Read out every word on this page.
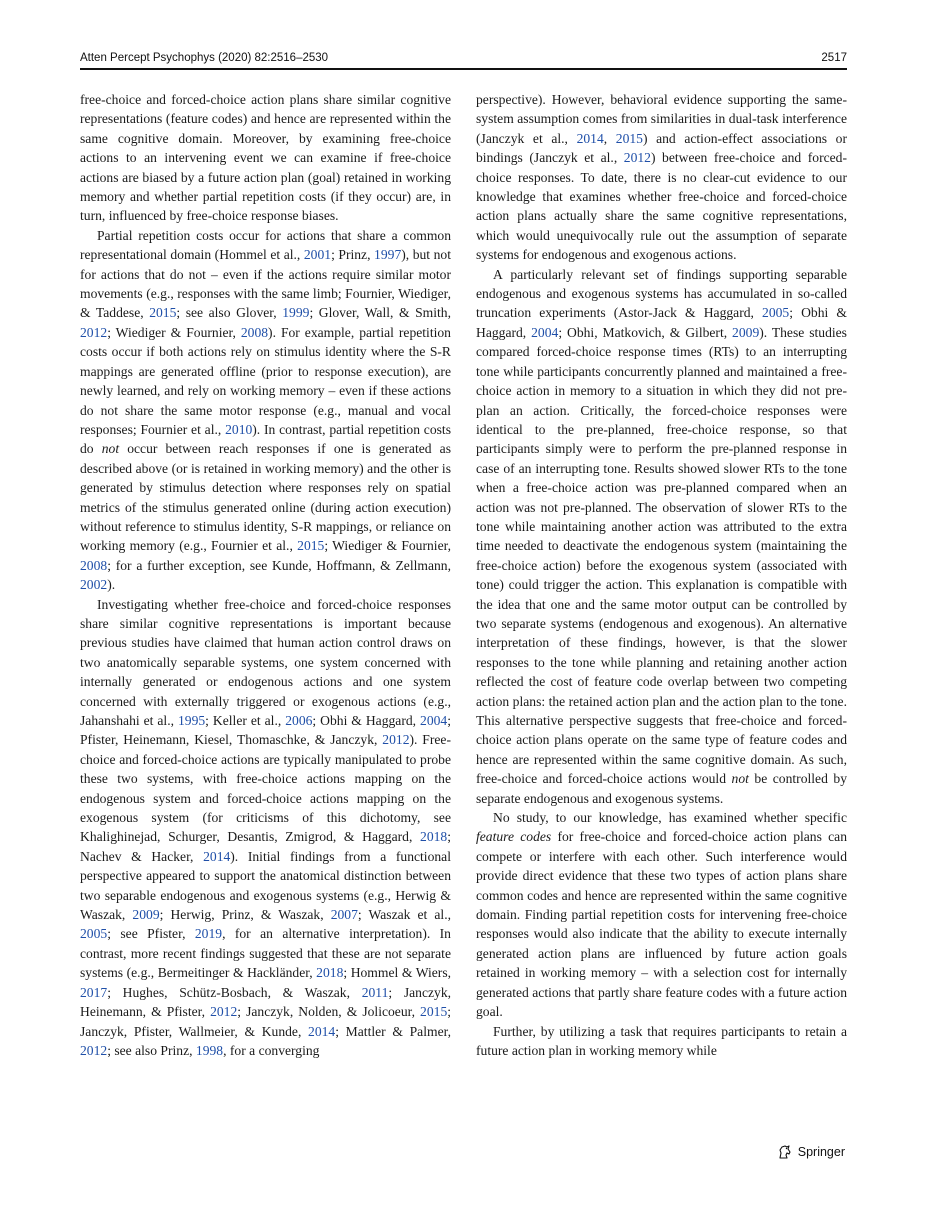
Atten Percept Psychophys (2020) 82:2516–2530	2517

free-choice and forced-choice action plans share similar cognitive representations (feature codes) and hence are represented within the same cognitive domain. Moreover, by examining free-choice actions to an intervening event we can examine if free-choice actions are biased by a future action plan (goal) retained in working memory and whether partial repetition costs (if they occur) are, in turn, influenced by free-choice response biases.

Partial repetition costs occur for actions that share a common representational domain (Hommel et al., 2001; Prinz, 1997), but not for actions that do not – even if the actions require similar motor movements (e.g., responses with the same limb; Fournier, Wiediger, & Taddese, 2015; see also Glover, 1999; Glover, Wall, & Smith, 2012; Wiediger & Fournier, 2008). For example, partial repetition costs occur if both actions rely on stimulus identity where the S-R mappings are generated offline (prior to response execution), are newly learned, and rely on working memory – even if these actions do not share the same motor response (e.g., manual and vocal responses; Fournier et al., 2010). In contrast, partial repetition costs do not occur between reach responses if one is generated as described above (or is retained in working memory) and the other is generated by stimulus detection where responses rely on spatial metrics of the stimulus generated online (during action execution) without reference to stimulus identity, S-R mappings, or reliance on working memory (e.g., Fournier et al., 2015; Wiediger & Fournier, 2008; for a further exception, see Kunde, Hoffmann, & Zellmann, 2002).

Investigating whether free-choice and forced-choice responses share similar cognitive representations is important because previous studies have claimed that human action control draws on two anatomically separable systems, one system concerned with internally generated or endogenous actions and one system concerned with externally triggered or exogenous actions (e.g., Jahanshahi et al., 1995; Keller et al., 2006; Obhi & Haggard, 2004; Pfister, Heinemann, Kiesel, Thomaschke, & Janczyk, 2012). Free-choice and forced-choice actions are typically manipulated to probe these two systems, with free-choice actions mapping on the endogenous system and forced-choice actions mapping on the exogenous system (for criticisms of this dichotomy, see Khalighinejad, Schurger, Desantis, Zmigrod, & Haggard, 2018; Nachev & Hacker, 2014). Initial findings from a functional perspective appeared to support the anatomical distinction between two separable endogenous and exogenous systems (e.g., Herwig & Waszak, 2009; Herwig, Prinz, & Waszak, 2007; Waszak et al., 2005; see Pfister, 2019, for an alternative interpretation). In contrast, more recent findings suggested that these are not separate systems (e.g., Bermeitinger & Hackländer, 2018; Hommel & Wiers, 2017; Hughes, Schütz-Bosbach, & Waszak, 2011; Janczyk, Heinemann, & Pfister, 2012; Janczyk, Nolden, & Jolicoeur, 2015; Janczyk, Pfister, Wallmeier, & Kunde, 2014; Mattler & Palmer, 2012; see also Prinz, 1998, for a converging

perspective). However, behavioral evidence supporting the same-system assumption comes from similarities in dual-task interference (Janczyk et al., 2014, 2015) and action-effect associations or bindings (Janczyk et al., 2012) between free-choice and forced-choice responses. To date, there is no clear-cut evidence to our knowledge that examines whether free-choice and forced-choice action plans actually share the same cognitive representations, which would unequivocally rule out the assumption of separate systems for endogenous and exogenous actions.

A particularly relevant set of findings supporting separable endogenous and exogenous systems has accumulated in so-called truncation experiments (Astor-Jack & Haggard, 2005; Obhi & Haggard, 2004; Obhi, Matkovich, & Gilbert, 2009). These studies compared forced-choice response times (RTs) to an interrupting tone while participants concurrently planned and maintained a free-choice action in memory to a situation in which they did not pre-plan an action. Critically, the forced-choice responses were identical to the pre-planned, free-choice response, so that participants simply were to perform the pre-planned response in case of an interrupting tone. Results showed slower RTs to the tone when a free-choice action was pre-planned compared when an action was not pre-planned. The observation of slower RTs to the tone while maintaining another action was attributed to the extra time needed to deactivate the endogenous system (maintaining the free-choice action) before the exogenous system (associated with tone) could trigger the action. This explanation is compatible with the idea that one and the same motor output can be controlled by two separate systems (endogenous and exogenous). An alternative interpretation of these findings, however, is that the slower responses to the tone while planning and retaining another action reflected the cost of feature code overlap between two competing action plans: the retained action plan and the action plan to the tone. This alternative perspective suggests that free-choice and forced-choice action plans operate on the same type of feature codes and hence are represented within the same cognitive domain. As such, free-choice and forced-choice actions would not be controlled by separate endogenous and exogenous systems.

No study, to our knowledge, has examined whether specific feature codes for free-choice and forced-choice action plans can compete or interfere with each other. Such interference would provide direct evidence that these two types of action plans share common codes and hence are represented within the same cognitive domain. Finding partial repetition costs for intervening free-choice responses would also indicate that the ability to execute internally generated action plans are influenced by future action goals retained in working memory – with a selection cost for internally generated actions that partly share feature codes with a future action goal.

Further, by utilizing a task that requires participants to retain a future action plan in working memory while

Springer
